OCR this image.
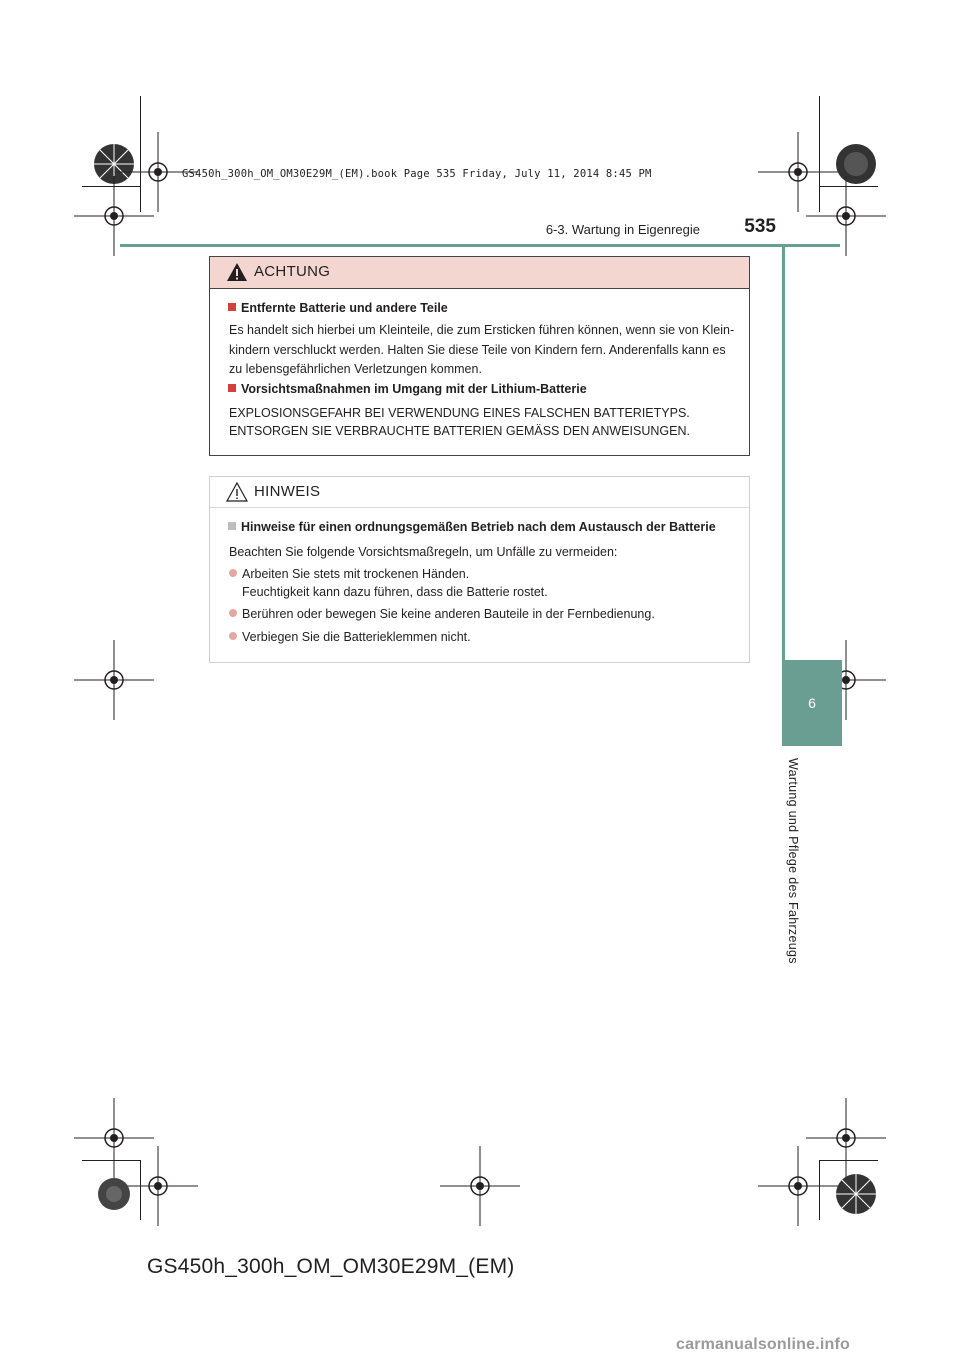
GS450h_300h_OM_OM30E29M_(EM).book Page 535 Friday, July 11, 2014 8:45 PM
6-3. Wartung in Eigenregie 535
6
Wartung und Pflege des Fahrzeugs
ACHTUNG
Entfernte Batterie und andere Teile
Es handelt sich hierbei um Kleinteile, die zum Ersticken führen können, wenn sie von Klein-
kindern verschluckt werden. Halten Sie diese Teile von Kindern fern. Anderenfalls kann es
zu lebensgefährlichen Verletzungen kommen.
Vorsichtsmaßnahmen im Umgang mit der Lithium-Batterie
EXPLOSIONSGEFAHR BEI VERWENDUNG EINES FALSCHEN BATTERIETYPS.
ENTSORGEN SIE VERBRAUCHTE BATTERIEN GEMÄSS DEN ANWEISUNGEN.
HINWEIS
Hinweise für einen ordnungsgemäßen Betrieb nach dem Austausch der Batterie
Beachten Sie folgende Vorsichtsmaßregeln, um Unfälle zu vermeiden:
Arbeiten Sie stets mit trockenen Händen.
Feuchtigkeit kann dazu führen, dass die Batterie rostet.
Berühren oder bewegen Sie keine anderen Bauteile in der Fernbedienung.
Verbiegen Sie die Batterieklemmen nicht.
GS450h_300h_OM_OM30E29M_(EM)
carmanualsonline.info
